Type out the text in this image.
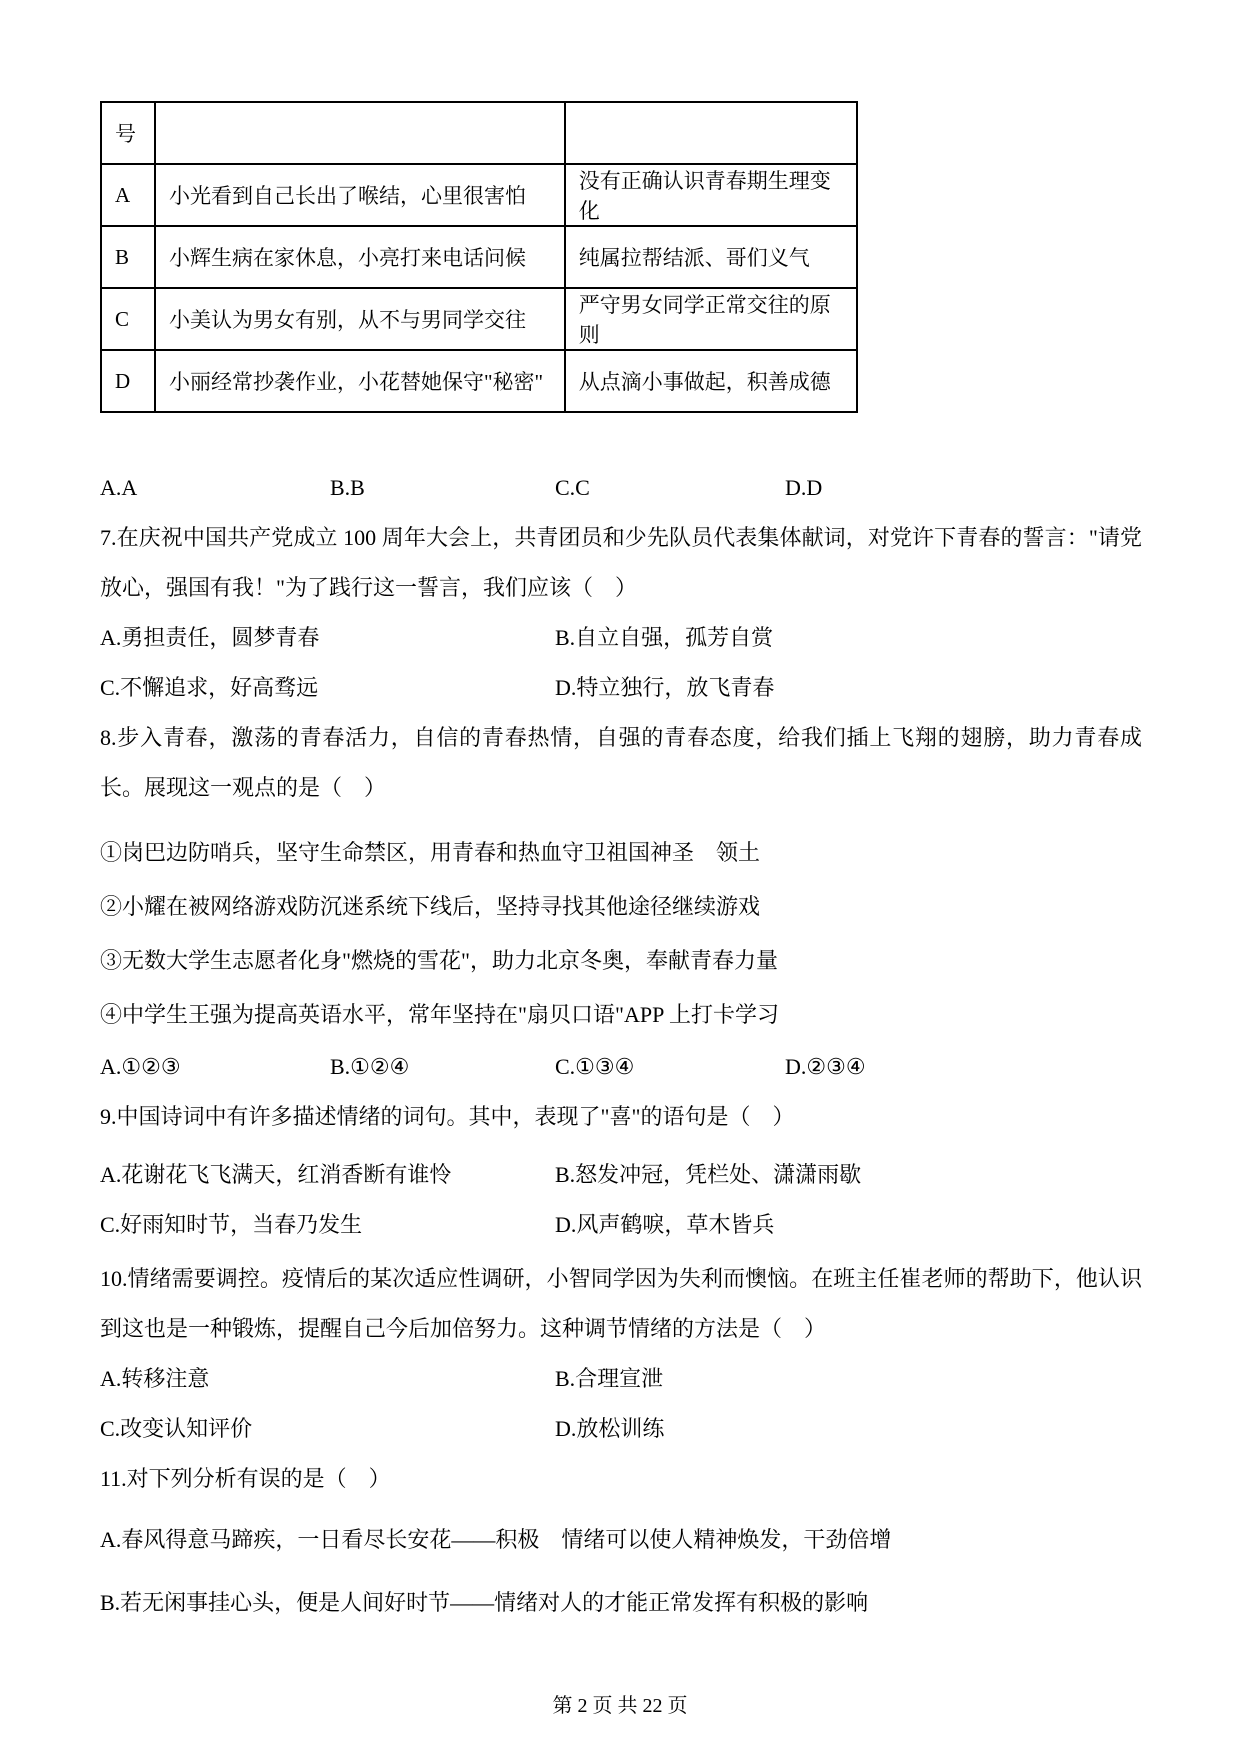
号		
A	小光看到自己长出了喉结，心里很害怕	没有正确认识青春期生理变化
B	小辉生病在家休息，小亮打来电话问候	纯属拉帮结派、哥们义气
C	小美认为男女有别，从不与男同学交往	严守男女同学正常交往的原则
D	小丽经常抄袭作业，小花替她保守"秘密"	从点滴小事做起，积善成德
A.A	B.B	C.C	D.D
7.在庆祝中国共产党成立 100 周年大会上，共青团员和少先队员代表集体献词，对党许下青春的誓言："请党放心，强国有我！"为了践行这一誓言，我们应该（　）
A.勇担责任，圆梦青春	B.自立自强，孤芳自赏
C.不懈追求，好高骛远	D.特立独行，放飞青春
8.步入青春，激荡的青春活力，自信的青春热情，自强的青春态度，给我们插上飞翔的翅膀，助力青春成长。展现这一观点的是（　）
①岗巴边防哨兵，坚守生命禁区，用青春和热血守卫祖国神圣　领土
②小耀在被网络游戏防沉迷系统下线后，坚持寻找其他途径继续游戏
③无数大学生志愿者化身"燃烧的雪花"，助力北京冬奥，奉献青春力量
④中学生王强为提高英语水平，常年坚持在"扇贝口语"APP 上打卡学习
A.①②③	B.①②④	C.①③④	D.②③④
9.中国诗词中有许多描述情绪的词句。其中，表现了"喜"的语句是（　）
A.花谢花飞飞满天，红消香断有谁怜	B.怒发冲冠，凭栏处、潇潇雨歇
C.好雨知时节，当春乃发生	D.风声鹤唳，草木皆兵
10.情绪需要调控。疫情后的某次适应性调研，小智同学因为失利而懊恼。在班主任崔老师的帮助下，他认识到这也是一种锻炼，提醒自己今后加倍努力。这种调节情绪的方法是（　）
A.转移注意	B.合理宣泄
C.改变认知评价	D.放松训练
11.对下列分析有误的是（　）
A.春风得意马蹄疾，一日看尽长安花——积极　情绪可以使人精神焕发，干劲倍增
B.若无闲事挂心头，便是人间好时节——情绪对人的才能正常发挥有积极的影响
第 2 页 共 22 页
